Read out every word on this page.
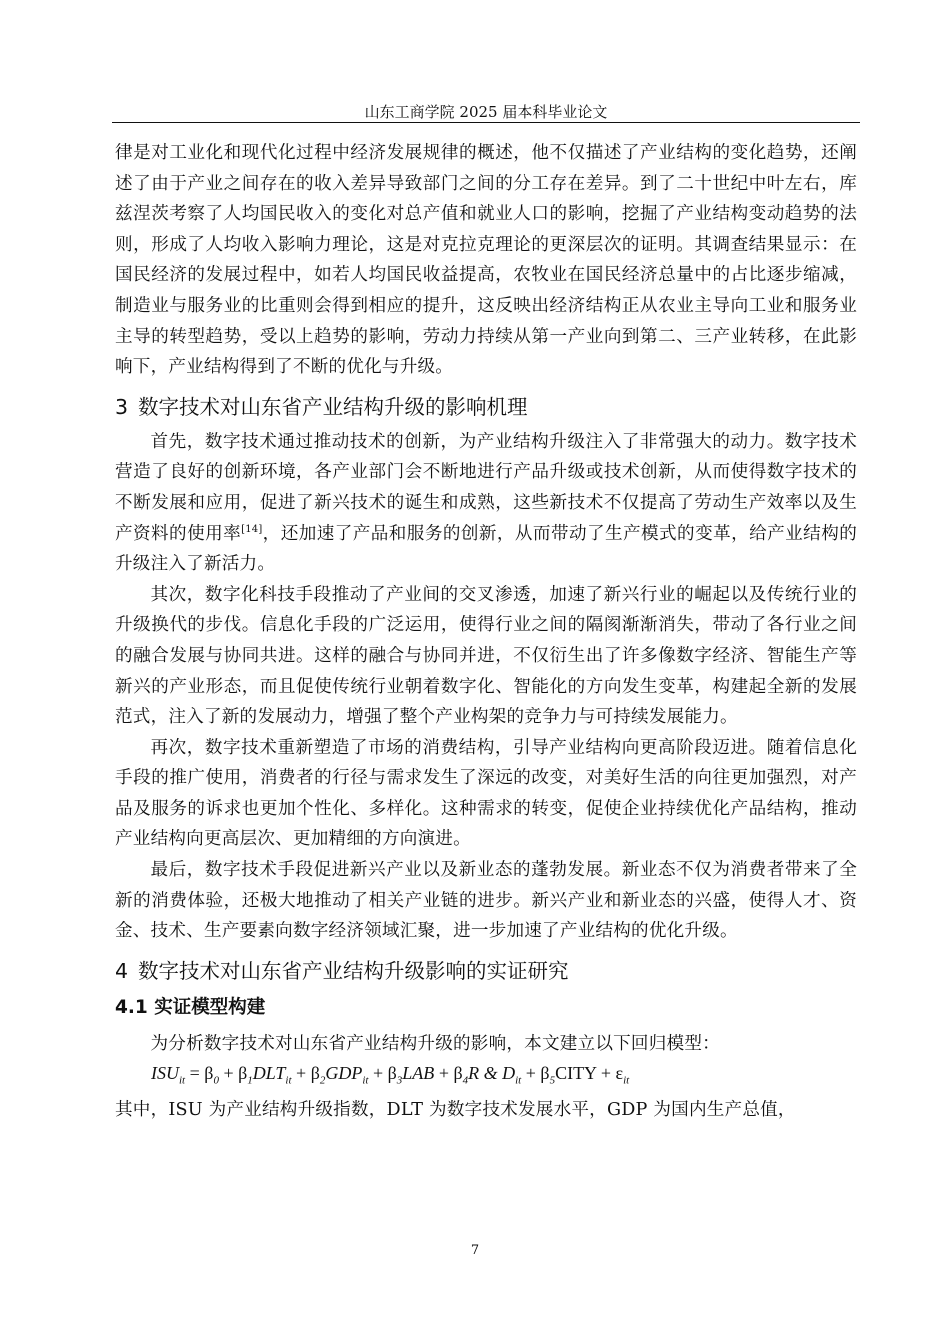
山东工商学院 2025 届本科毕业论文

律是对工业化和现代化过程中经济发展规律的概述，他不仅描述了产业结构的变化趋势，还阐述了由于产业之间存在的收入差异导致部门之间的分工存在差异。到了二十世纪中叶左右，库兹涅茨考察了人均国民收入的变化对总产值和就业人口的影响，挖掘了产业结构变动趋势的法则，形成了人均收入影响力理论，这是对克拉克理论的更深层次的证明。其调查结果显示：在国民经济的发展过程中，如若人均国民收益提高，农牧业在国民经济总量中的占比逐步缩减，制造业与服务业的比重则会得到相应的提升，这反映出经济结构正从农业主导向工业和服务业主导的转型趋势，受以上趋势的影响，劳动力持续从第一产业向到第二、三产业转移，在此影响下，产业结构得到了不断的优化与升级。

3 数字技术对山东省产业结构升级的影响机理

首先，数字技术通过推动技术的创新，为产业结构升级注入了非常强大的动力。数字技术营造了良好的创新环境，各产业部门会不断地进行产品升级或技术创新，从而使得数字技术的不断发展和应用，促进了新兴技术的诞生和成熟，这些新技术不仅提高了劳动生产效率以及生产资料的使用率[14]，还加速了产品和服务的创新，从而带动了生产模式的变革，给产业结构的升级注入了新活力。

其次，数字化科技手段推动了产业间的交叉渗透，加速了新兴行业的崛起以及传统行业的升级换代的步伐。信息化手段的广泛运用，使得行业之间的隔阂渐渐消失，带动了各行业之间的融合发展与协同共进。这样的融合与协同并进，不仅衍生出了许多像数字经济、智能生产等新兴的产业形态，而且促使传统行业朝着数字化、智能化的方向发生变革，构建起全新的发展范式，注入了新的发展动力，增强了整个产业构架的竞争力与可持续发展能力。

再次，数字技术重新塑造了市场的消费结构，引导产业结构向更高阶段迈进。随着信息化手段的推广使用，消费者的行径与需求发生了深远的改变，对美好生活的向往更加强烈，对产品及服务的诉求也更加个性化、多样化。这种需求的转变，促使企业持续优化产品结构，推动产业结构向更高层次、更加精细的方向演进。

最后，数字技术手段促进新兴产业以及新业态的蓬勃发展。新业态不仅为消费者带来了全新的消费体验，还极大地推动了相关产业链的进步。新兴产业和新业态的兴盛，使得人才、资金、技术、生产要素向数字经济领域汇聚，进一步加速了产业结构的优化升级。

4 数字技术对山东省产业结构升级影响的实证研究
4.1 实证模型构建

为分析数字技术对山东省产业结构升级的影响，本文建立以下回归模型：

$ISU_{it} = \beta_0 + \beta_1DLT_{it} + \beta_2GDP_{it} + \beta_3LAB + \beta_4R$ & $D_{it}$ + $\beta_5CITY + \varepsilon_{it}$

其中，ISU 为产业结构升级指数，DLT 为数字技术发展水平，GDP 为国内生产总值，

7
